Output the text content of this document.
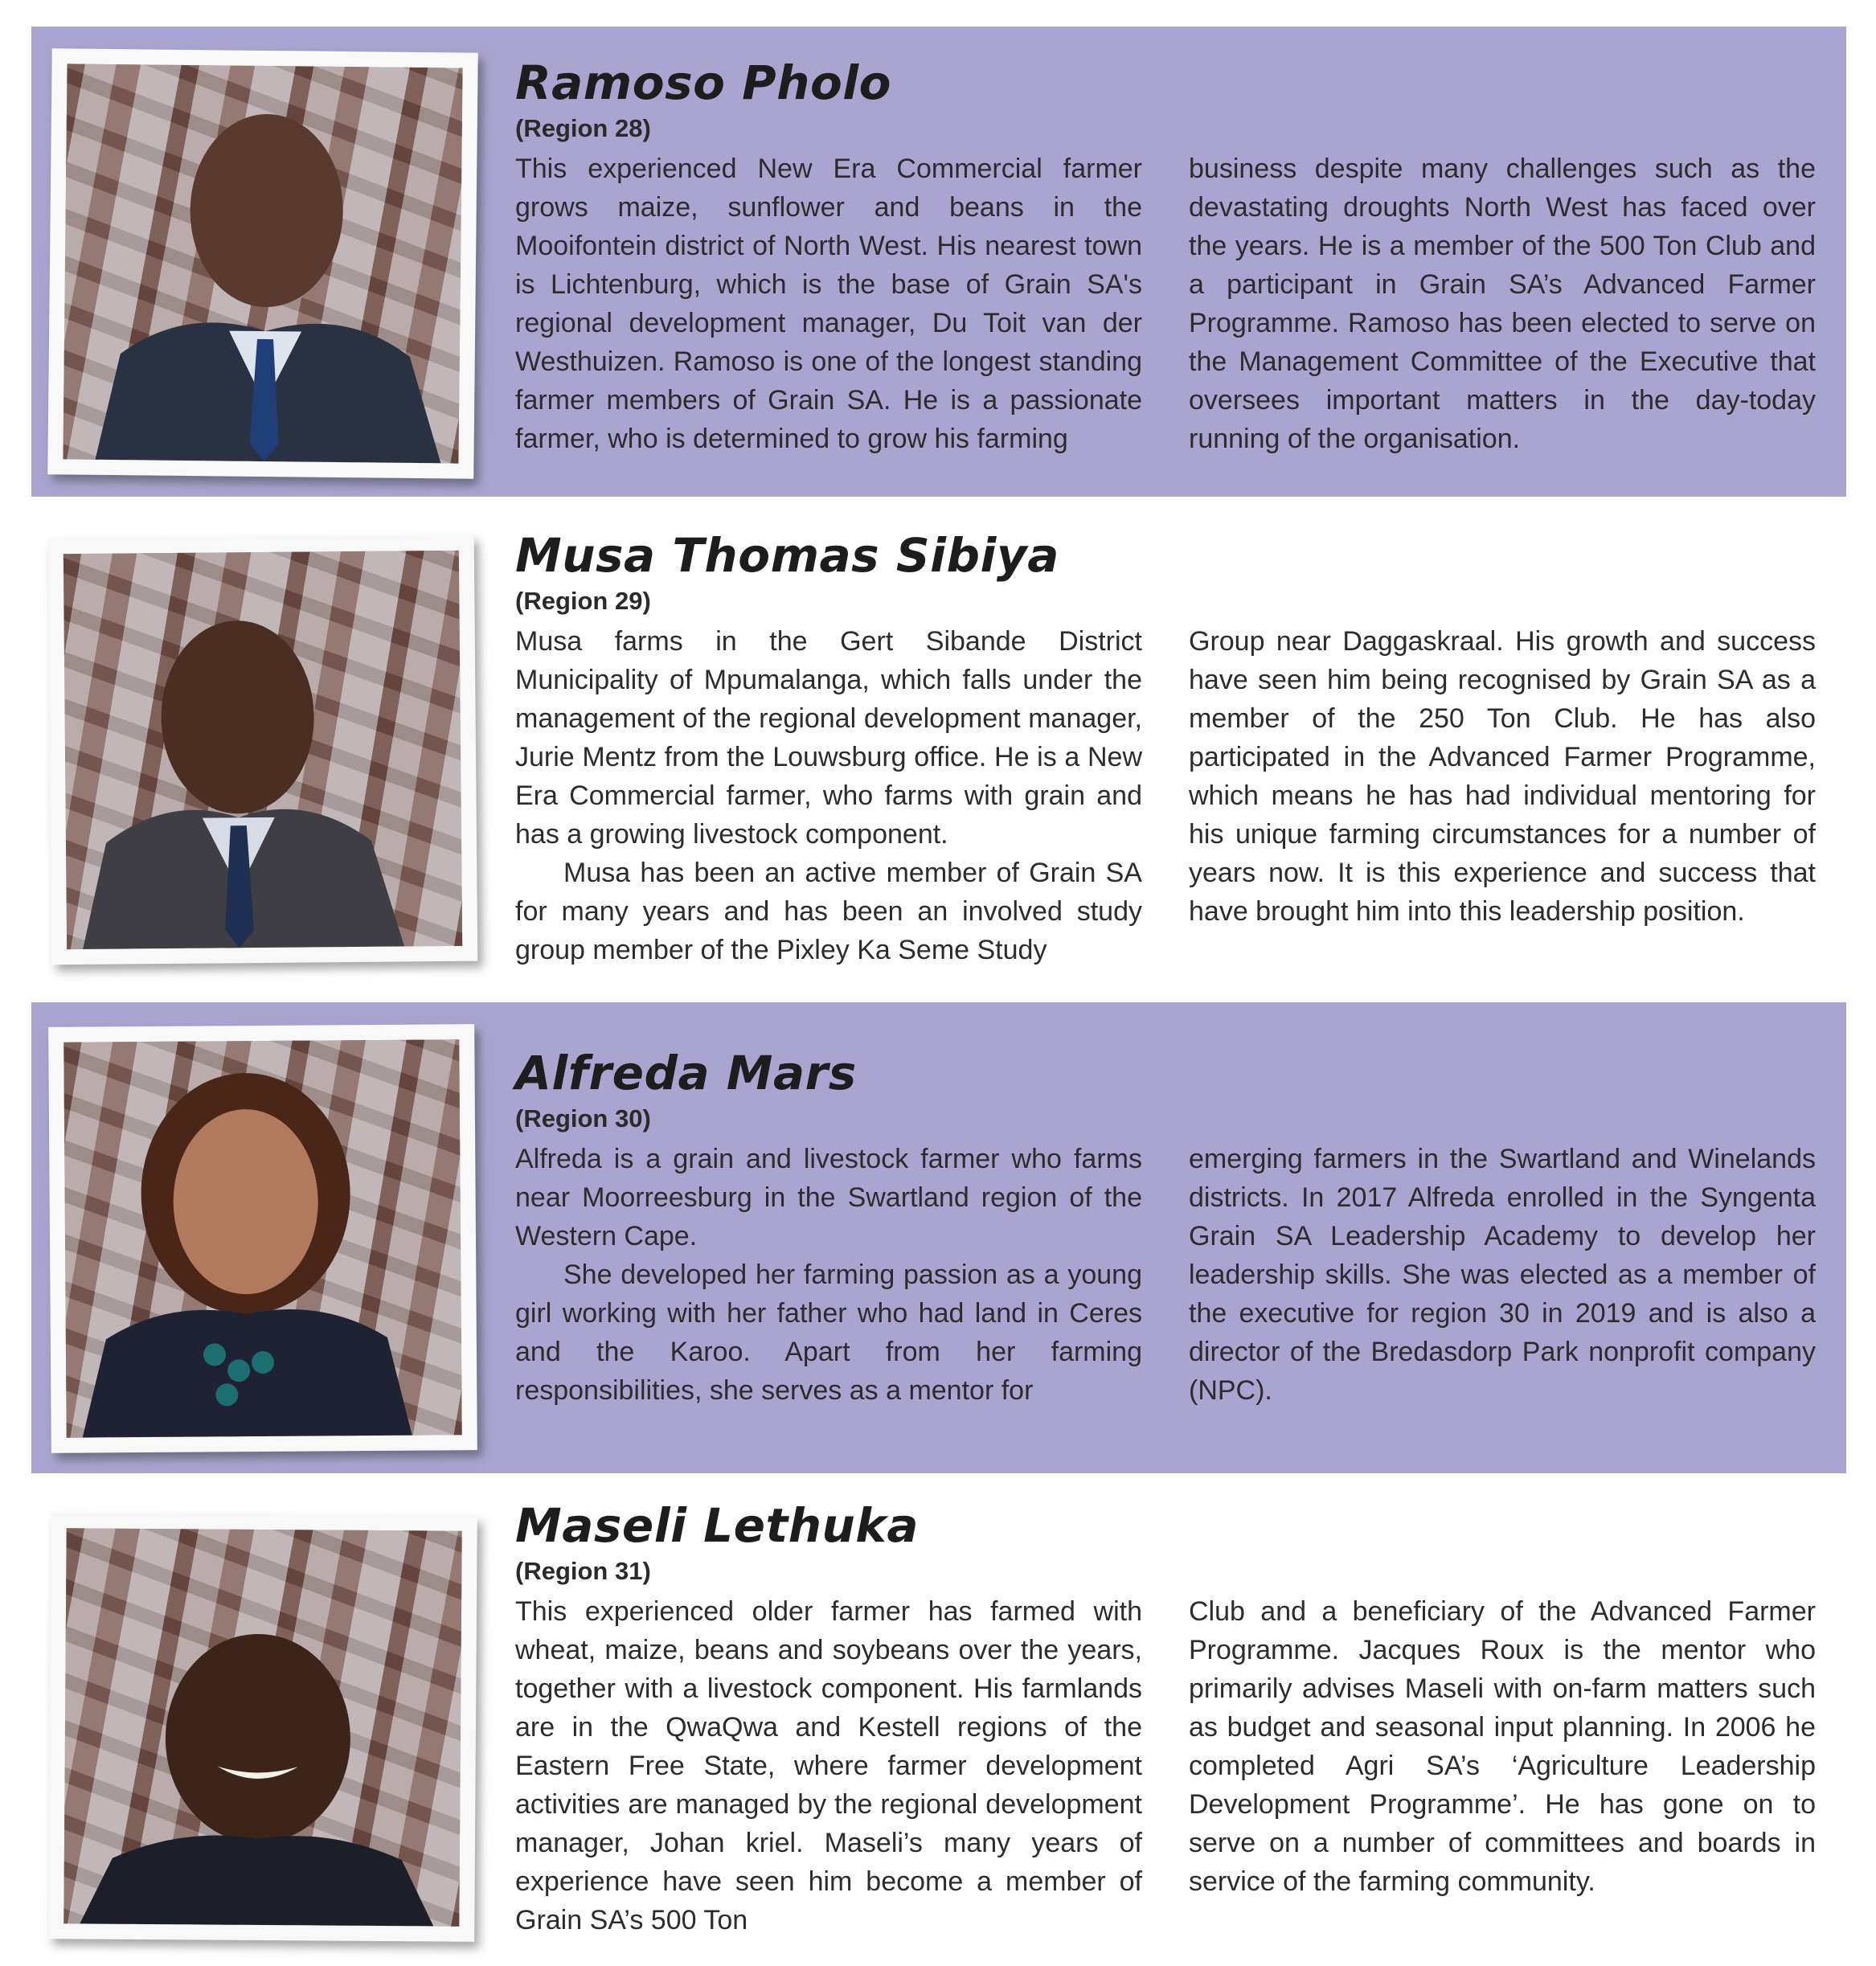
Ramoso Pholo
(Region 28)

This experienced New Era Commercial farmer grows maize, sunflower and beans in the Mooifontein district of North West. His nearest town is Lichtenburg, which is the base of Grain SA's regional development manager, Du Toit van der Westhuizen. Ramoso is one of the longest standing farmer members of Grain SA. He is a passionate farmer, who is determined to grow his farming

business despite many challenges such as the devastating droughts North West has faced over the years. He is a member of the 500 Ton Club and a participant in Grain SA’s Advanced Farmer Programme. Ramoso has been elected to serve on the Management Committee of the Executive that oversees important matters in the day-today running of the organisation.

Musa Thomas Sibiya
(Region 29)

Musa farms in the Gert Sibande District Municipality of Mpumalanga, which falls under the management of the regional development manager, Jurie Mentz from the Louwsburg office. He is a New Era Commercial farmer, who farms with grain and has a growing livestock component.

Musa has been an active member of Grain SA for many years and has been an involved study group member of the Pixley Ka Seme Study

Group near Daggaskraal. His growth and success have seen him being recognised by Grain SA as a member of the 250 Ton Club. He has also participated in the Advanced Farmer Programme, which means he has had individual mentoring for his unique farming circumstances for a number of years now. It is this experience and success that have brought him into this leadership position.

Alfreda Mars
(Region 30)

Alfreda is a grain and livestock farmer who farms near Moorreesburg in the Swartland region of the Western Cape.

She developed her farming passion as a young girl working with her father who had land in Ceres and the Karoo. Apart from her farming responsibilities, she serves as a mentor for

emerging farmers in the Swartland and Winelands districts. In 2017 Alfreda enrolled in the Syngenta Grain SA Leadership Academy to develop her leadership skills. She was elected as a member of the executive for region 30 in 2019 and is also a director of the Bredasdorp Park nonprofit company (NPC).

Maseli Lethuka
(Region 31)

This experienced older farmer has farmed with wheat, maize, beans and soybeans over the years, together with a livestock component. His farmlands are in the QwaQwa and Kestell regions of the Eastern Free State, where farmer development activities are managed by the regional development manager, Johan kriel. Maseli’s many years of experience have seen him become a member of Grain SA’s 500 Ton

Club and a beneficiary of the Advanced Farmer Programme. Jacques Roux is the mentor who primarily advises Maseli with on-farm matters such as budget and seasonal input planning. In 2006 he completed Agri SA’s ‘Agriculture Leadership Development Programme’. He has gone on to serve on a number of committees and boards in service of the farming community.
